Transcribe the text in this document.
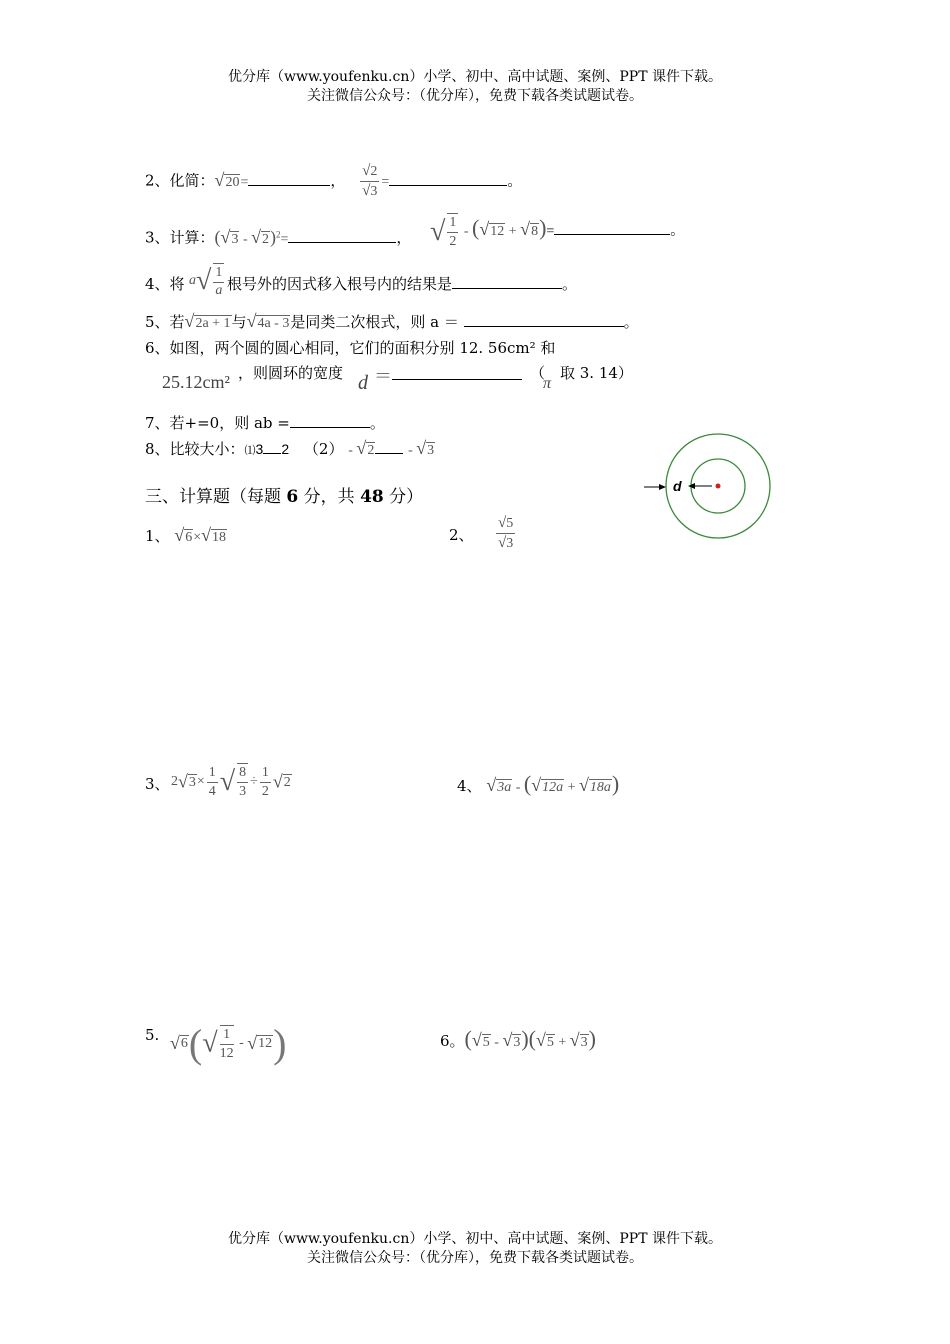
优分库（www.youfenku.cn）小学、初中、高中试题、案例、PPT 课件下载。
关注微信公众号：（优分库），免费下载各类试题试卷。
2、化简：√20=	， $\frac{√2}{√3}$ =	。
3、计算：(√3 - √2)$^2$=	， √ $\frac{1}{2} - (√12 + √8)=$	。
4、将 $a√ \frac{1}{a}$ 根号外的因式移入根号内的结果是	。
5、若√2a + 1与√4a - 3是同类二次根式，则 a ＝	。
6、如图，两个圆的圆心相同，它们的面积分别 12. 56cm² 和
25.12cm² ，则圆环的宽度 d ＝	（
π
取 3. 14）
7、若+=0，则 ab =	。
8、比较大小：⑴3 2 （2） - √2 - √3
d
三、计算题（每题 6 分，共 48 分）
1、 √6×√18	2、 $\frac{√5}{√3}$
3、 $2√3\times \frac{1}{4}$ √ $\frac{8}{3} \div \frac{1}{2} √2$	4、 √3a - (√12a + √18a)
5. $√6(√ \frac{1}{12} - √12)$	6。(√5 - √3)(√5 + √3)
优分库（www.youfenku.cn）小学、初中、高中试题、案例、PPT 课件下载。
关注微信公众号：（优分库），免费下载各类试题试卷。
